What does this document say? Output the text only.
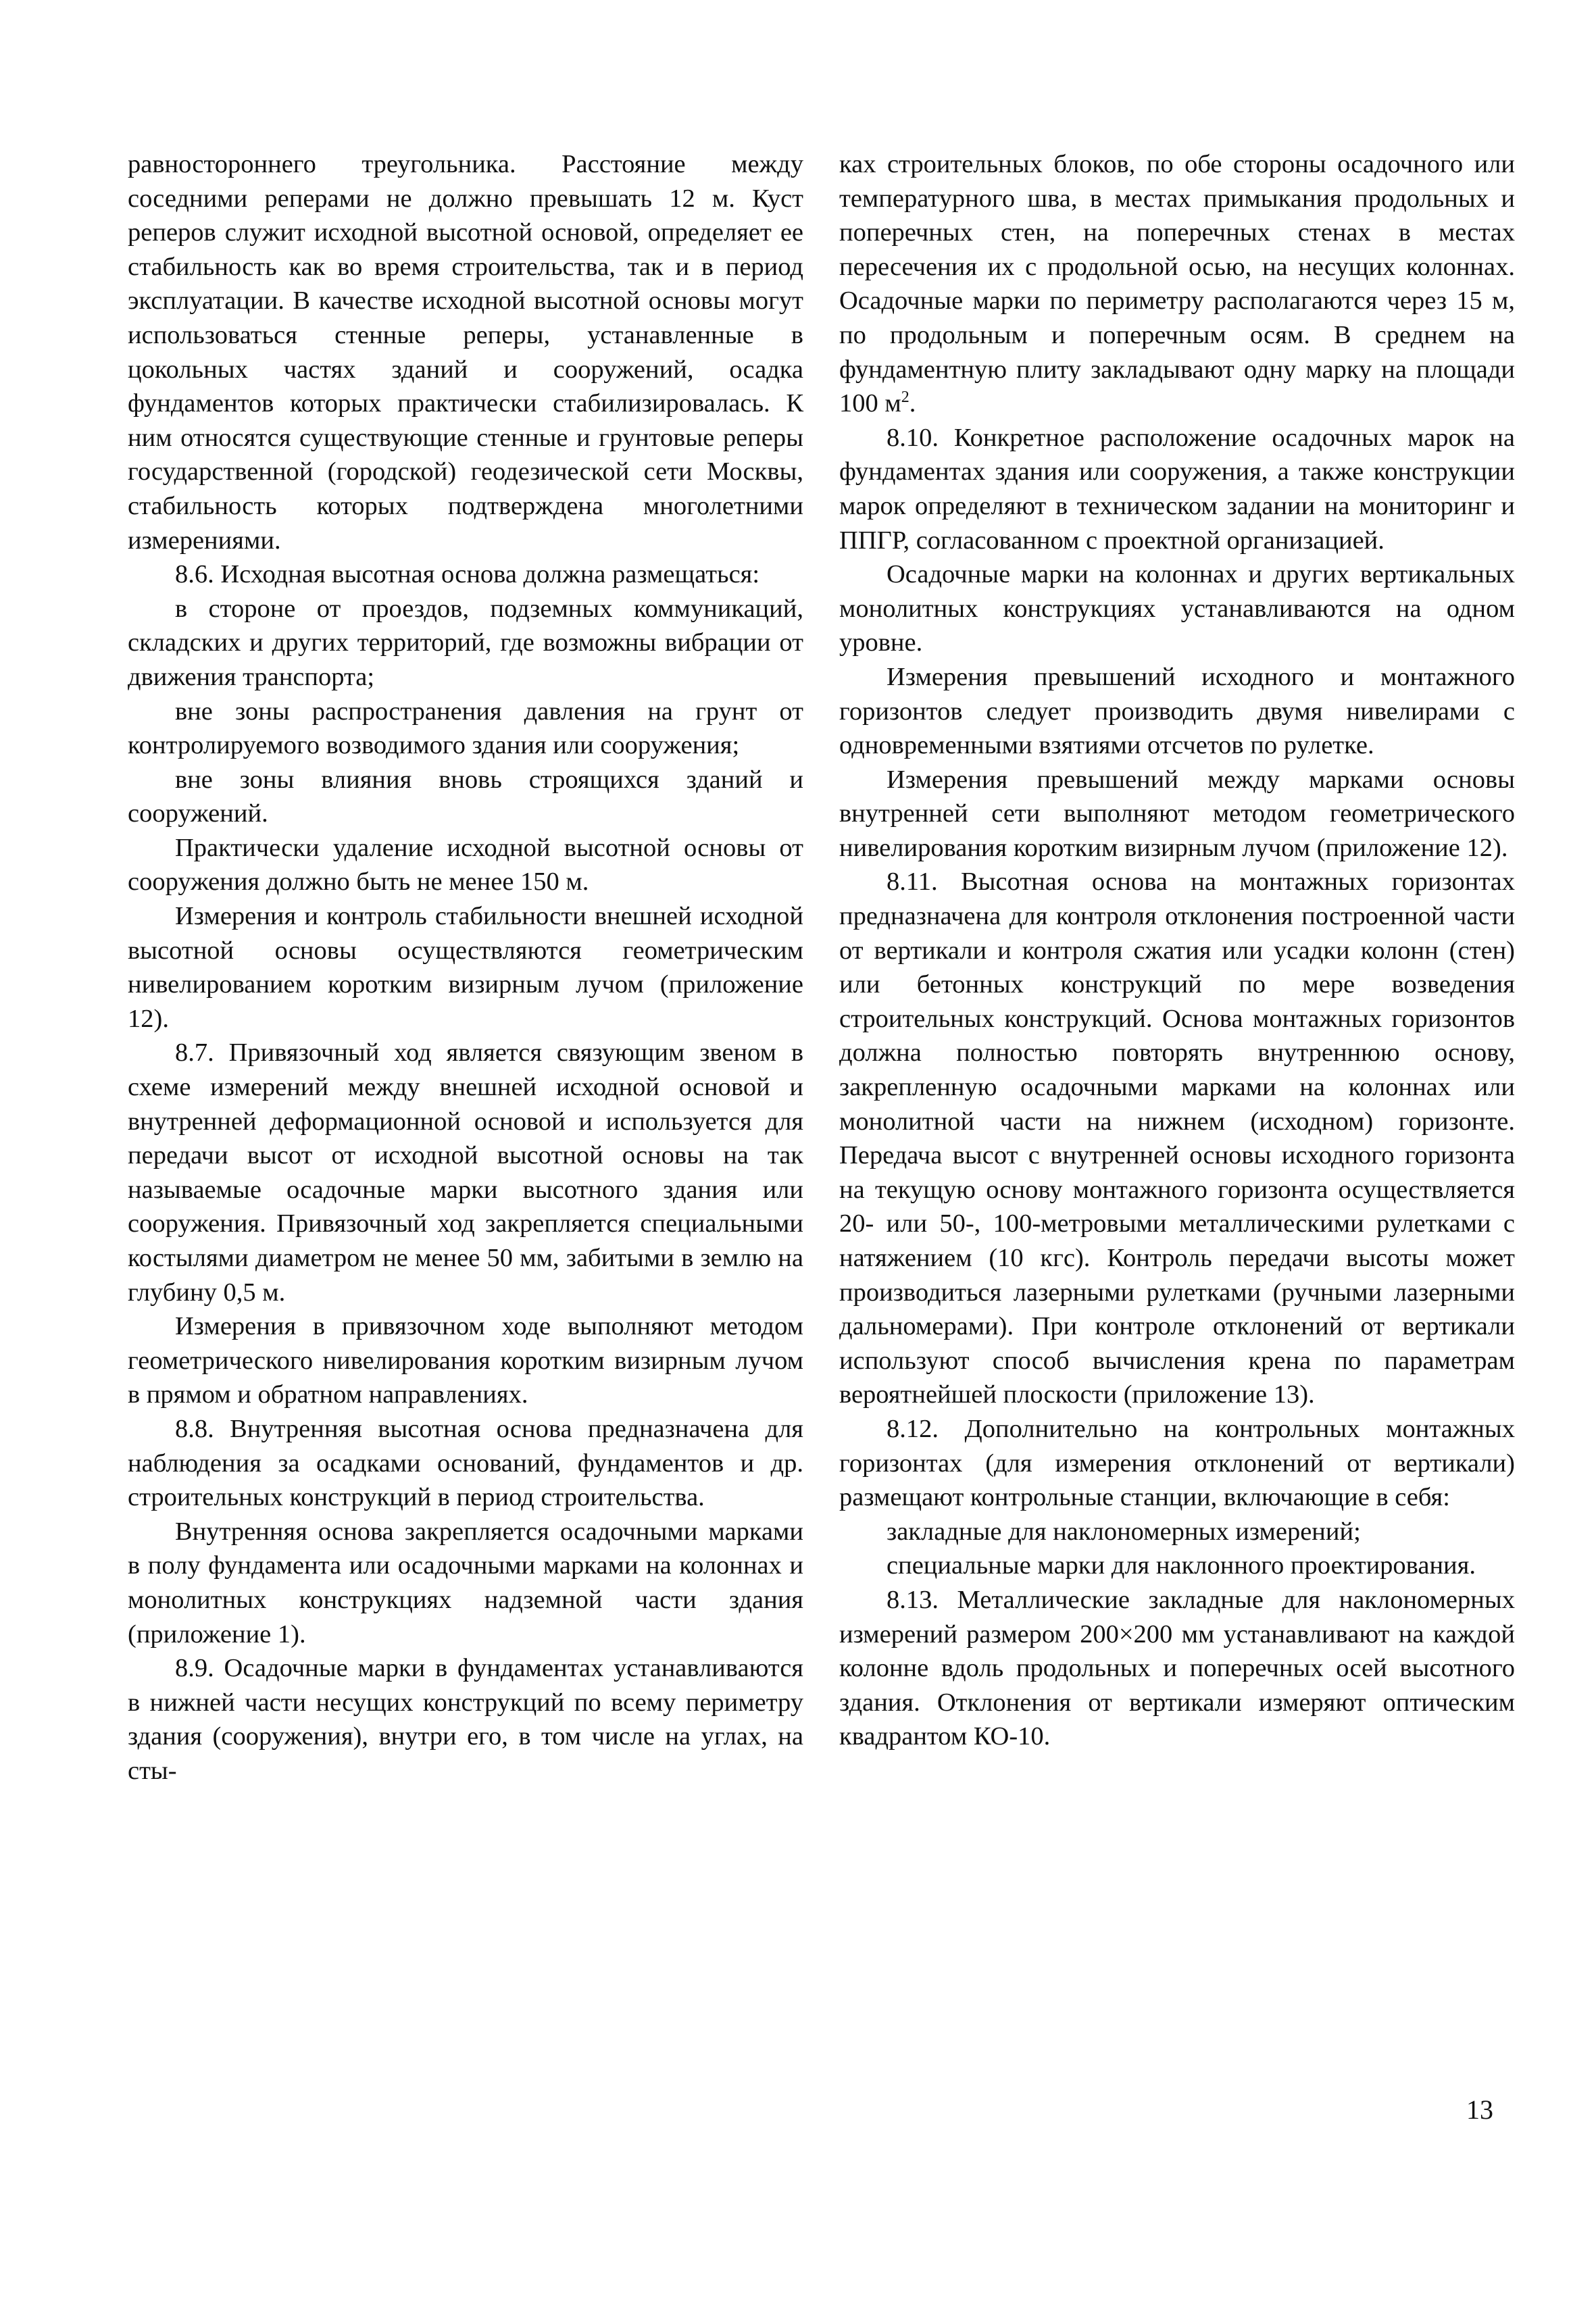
равностороннего треугольника. Расстояние между соседними реперами не должно превышать 12 м. Куст реперов служит исходной высотной основой, определяет ее стабильность как во время строительства, так и в период эксплуатации. В качестве исходной высотной основы могут использоваться стенные реперы, устанавленные в цокольных частях зданий и сооружений, осадка фундаментов которых практически стабилизировалась. К ним относятся существующие стенные и грунтовые реперы государственной (городской) геодезической сети Москвы, стабильность которых подтверждена многолетними измерениями.

8.6. Исходная высотная основа должна размещаться:

в стороне от проездов, подземных коммуникаций, складских и других территорий, где возможны вибрации от движения транспорта;

вне зоны распространения давления на грунт от контролируемого возводимого здания или сооружения;

вне зоны влияния вновь строящихся зданий и сооружений.

Практически удаление исходной высотной основы от сооружения должно быть не менее 150 м.

Измерения и контроль стабильности внешней исходной высотной основы осуществляются геометрическим нивелированием коротким визирным лучом (приложение 12).

8.7. Привязочный ход является связующим звеном в схеме измерений между внешней исходной основой и внутренней деформационной основой и используется для передачи высот от исходной высотной основы на так называемые осадочные марки высотного здания или сооружения. Привязочный ход закрепляется специальными костылями диаметром не менее 50 мм, забитыми в землю на глубину 0,5 м.

Измерения в привязочном ходе выполняют методом геометрического нивелирования коротким визирным лучом в прямом и обратном направлениях.

8.8. Внутренняя высотная основа предназначена для наблюдения за осадками оснований, фундаментов и др. строительных конструкций в период строительства.

Внутренняя основа закрепляется осадочными марками в полу фундамента или осадочными марками на колоннах и монолитных конструкциях надземной части здания (приложение 1).

8.9. Осадочные марки в фундаментах устанавливаются в нижней части несущих конструкций по всему периметру здания (сооружения), внутри его, в том числе на углах, на сты-

ках строительных блоков, по обе стороны осадочного или температурного шва, в местах примыкания продольных и поперечных стен, на поперечных стенах в местах пересечения их с продольной осью, на несущих колоннах. Осадочные марки по периметру располагаются через 15 м, по продольным и поперечным осям. В среднем на фундаментную плиту закладывают одну марку на площади 100 $м^2$.

8.10. Конкретное расположение осадочных марок на фундаментах здания или сооружения, а также конструкции марок определяют в техническом задании на мониторинг и ППГР, согласованном с проектной организацией.

Осадочные марки на колоннах и других вертикальных монолитных конструкциях устанавливаются на одном уровне.

Измерения превышений исходного и монтажного горизонтов следует производить двумя нивелирами с одновременными взятиями отсчетов по рулетке.

Измерения превышений между марками основы внутренней сети выполняют методом геометрического нивелирования коротким визирным лучом (приложение 12).

8.11. Высотная основа на монтажных горизонтах предназначена для контроля отклонения построенной части от вертикали и контроля сжатия или усадки колонн (стен) или бетонных конструкций по мере возведения строительных конструкций. Основа монтажных горизонтов должна полностью повторять внутреннюю основу, закрепленную осадочными марками на колоннах или монолитной части на нижнем (исходном) горизонте. Передача высот с внутренней основы исходного горизонта на текущую основу монтажного горизонта осуществляется 20- или 50-, 100-метровыми металлическими рулетками с натяжением (10 кгс). Контроль передачи высоты может производиться лазерными рулетками (ручными лазерными дальномерами). При контроле отклонений от вертикали используют способ вычисления крена по параметрам вероятнейшей плоскости (приложение 13).

8.12. Дополнительно на контрольных монтажных горизонтах (для измерения отклонений от вертикали) размещают контрольные станции, включающие в себя:

закладные для наклономерных измерений;

специальные марки для наклонного проектирования.

8.13. Металлические закладные для наклономерных измерений размером 200×200 мм устанавливают на каждой колонне вдоль продольных и поперечных осей высотного здания. Отклонения от вертикали измеряют оптическим квадрантом КО-10.

13
